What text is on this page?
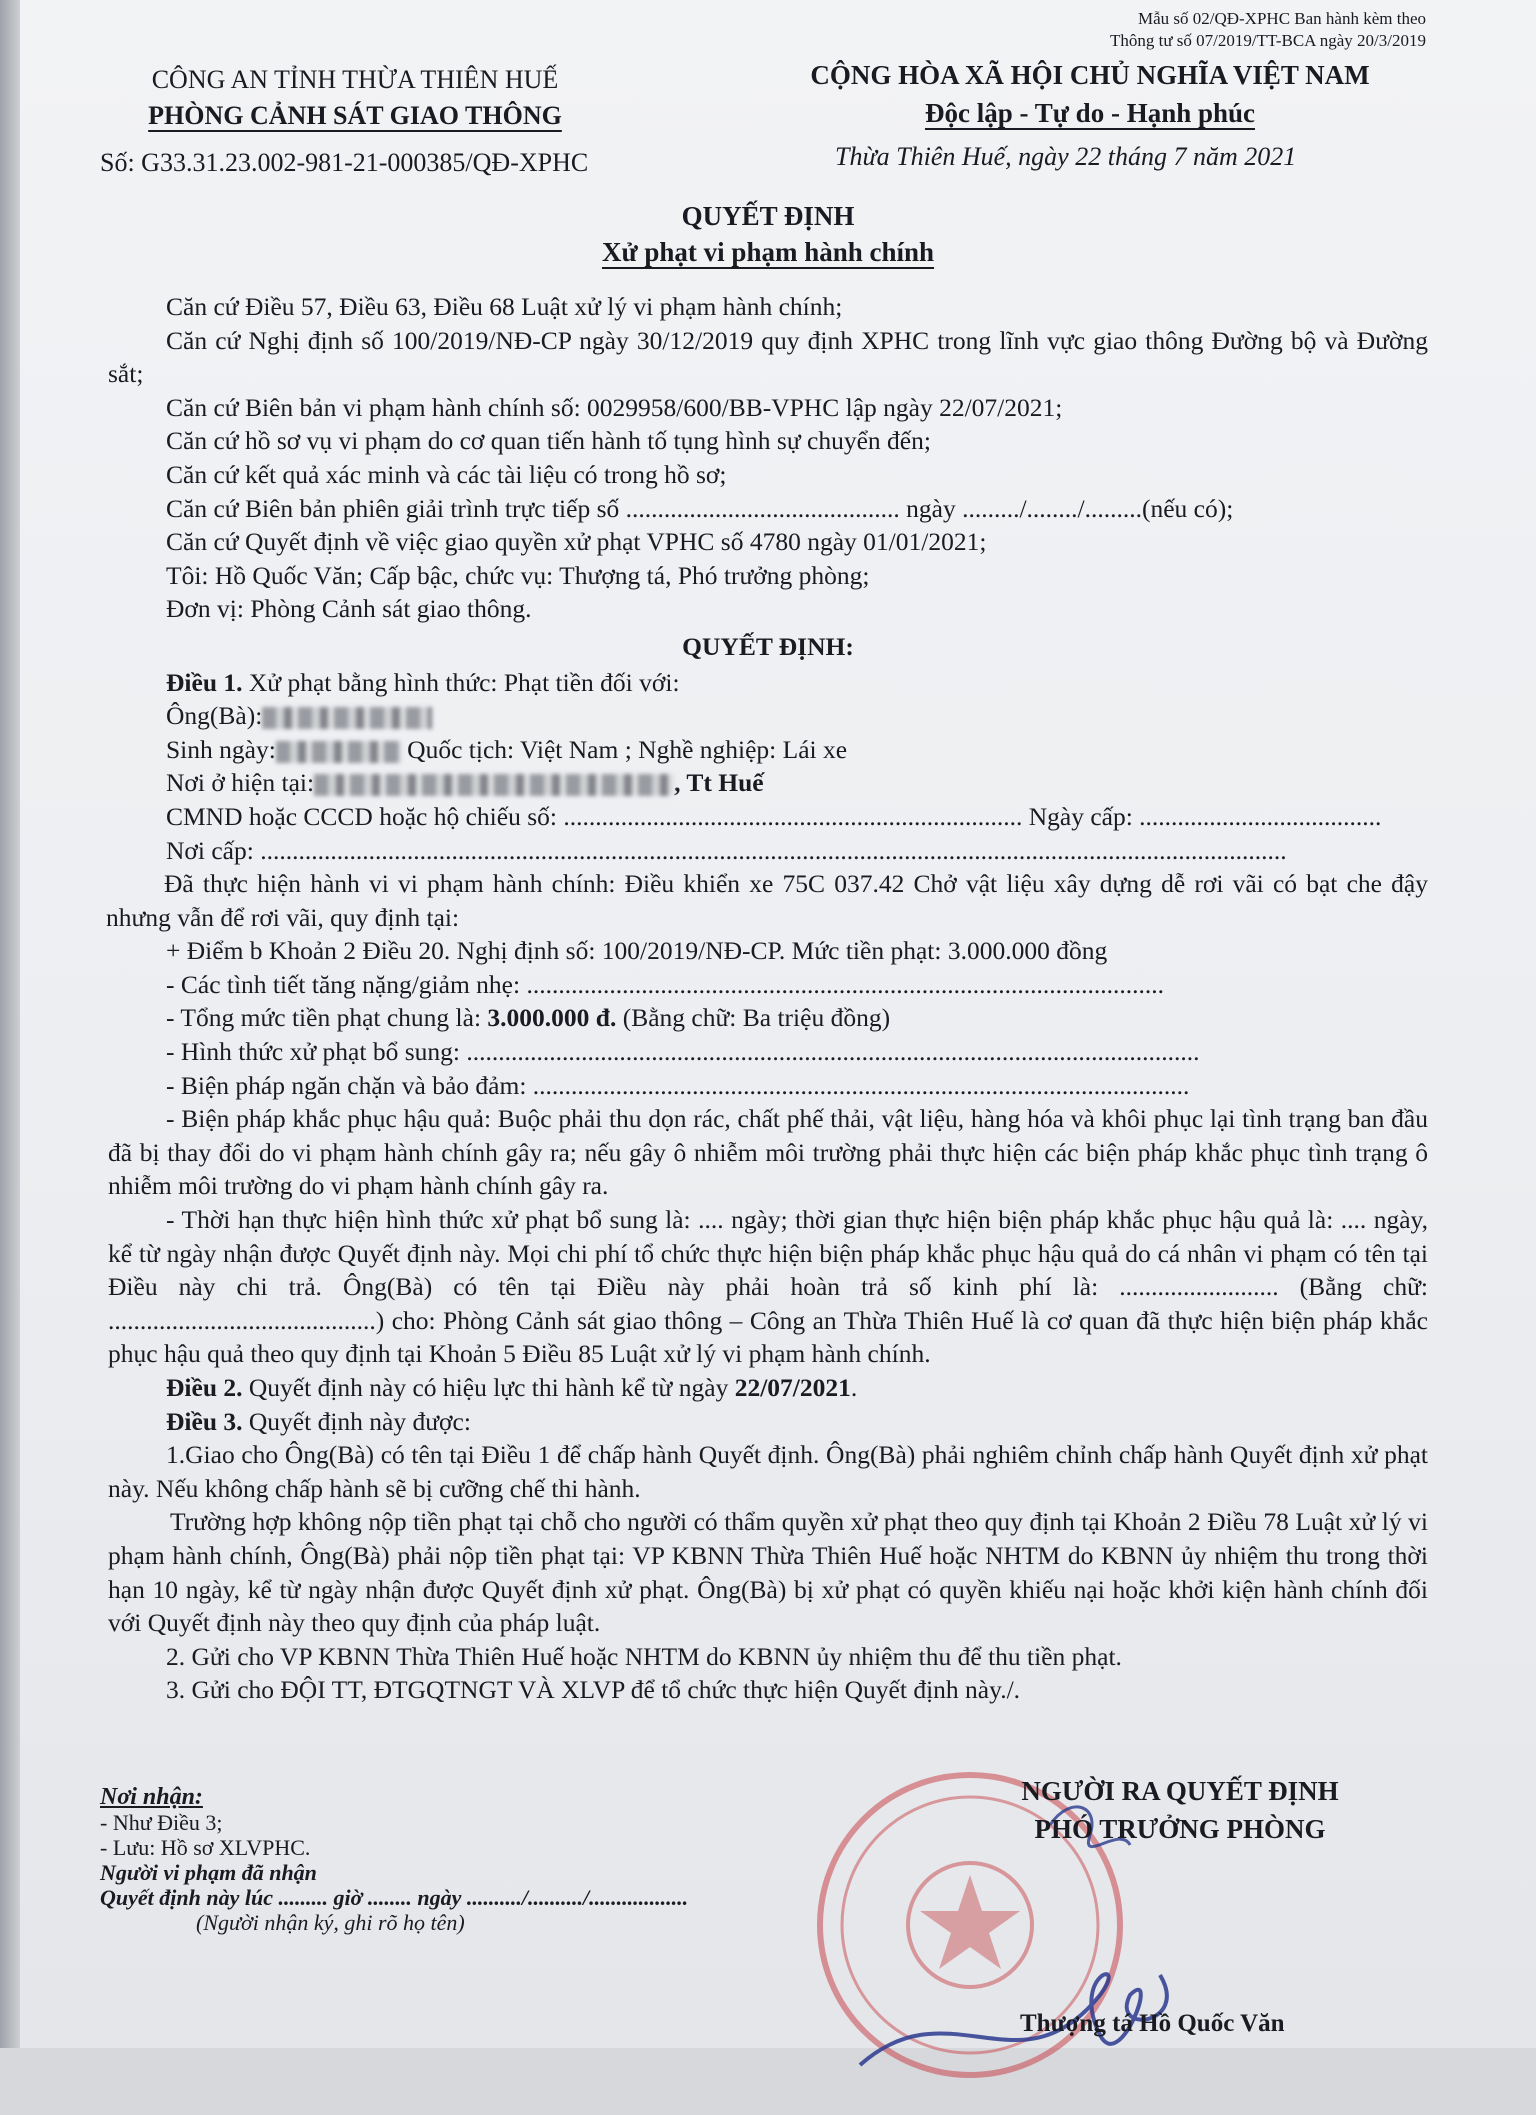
Mẫu số 02/QĐ-XPHC Ban hành kèm theo
Thông tư số 07/2019/TT-BCA ngày 20/3/2019
CÔNG AN TỈNH THỪA THIÊN HUẾ
PHÒNG CẢNH SÁT GIAO THÔNG
CỘNG HÒA XÃ HỘI CHỦ NGHĨA VIỆT NAM
Độc lập - Tự do - Hạnh phúc
Số: G33.31.23.002-981-21-000385/QĐ-XPHC	Thừa Thiên Huế, ngày 22 tháng 7 năm 2021
QUYẾT ĐỊNH
Xử phạt vi phạm hành chính

Căn cứ Điều 57, Điều 63, Điều 68 Luật xử lý vi phạm hành chính;

Căn cứ Nghị định số 100/2019/NĐ-CP ngày 30/12/2019 quy định XPHC trong lĩnh vực giao thông Đường bộ và Đường sắt;

Căn cứ Biên bản vi phạm hành chính số: 0029958/600/BB-VPHC lập ngày 22/07/2021;

Căn cứ hồ sơ vụ vi phạm do cơ quan tiến hành tố tụng hình sự chuyển đến;

Căn cứ kết quả xác minh và các tài liệu có trong hồ sơ;

Căn cứ Biên bản phiên giải trình trực tiếp số ........................................... ngày ........./......../.........(nếu có);

Căn cứ Quyết định về việc giao quyền xử phạt VPHC số 4780 ngày 01/01/2021;

Tôi: Hồ Quốc Văn; Cấp bậc, chức vụ: Thượng tá, Phó trưởng phòng;

Đơn vị: Phòng Cảnh sát giao thông.

QUYẾT ĐỊNH:

Điều 1. Xử phạt bằng hình thức: Phạt tiền đối với:

Ông(Bà):

Sinh ngày:	Quốc tịch: Việt Nam ; Nghề nghiệp: Lái xe

Nơi ở hiện tại:	, Tt Huế

CMND hoặc CCCD hoặc hộ chiếu số: ........................................................................ Ngày cấp: ......................................

Nơi cấp: .................................................................................................................................................................

Đã thực hiện hành vi vi phạm hành chính: Điều khiển xe 75C 037.42 Chở vật liệu xây dựng dễ rơi vãi có bạt che đậy nhưng vẫn để rơi vãi, quy định tại:

+ Điểm b Khoản 2 Điều 20. Nghị định số: 100/2019/NĐ-CP. Mức tiền phạt: 3.000.000 đồng

- Các tình tiết tăng nặng/giảm nhẹ: ....................................................................................................

- Tổng mức tiền phạt chung là: 3.000.000 đ. (Bằng chữ: Ba triệu đồng)

- Hình thức xử phạt bổ sung: ...................................................................................................................

- Biện pháp ngăn chặn và bảo đảm: .......................................................................................................

- Biện pháp khắc phục hậu quả: Buộc phải thu dọn rác, chất phế thải, vật liệu, hàng hóa và khôi phục lại tình trạng ban đầu đã bị thay đổi do vi phạm hành chính gây ra; nếu gây ô nhiễm môi trường phải thực hiện các biện pháp khắc phục tình trạng ô nhiễm môi trường do vi phạm hành chính gây ra.

- Thời hạn thực hiện hình thức xử phạt bổ sung là: .... ngày; thời gian thực hiện biện pháp khắc phục hậu quả là: .... ngày, kể từ ngày nhận được Quyết định này. Mọi chi phí tổ chức thực hiện biện pháp khắc phục hậu quả do cá nhân vi phạm có tên tại Điều này chi trả. Ông(Bà) có tên tại Điều này phải hoàn trả số kinh phí là: ......................... (Bằng chữ: ..........................................) cho: Phòng Cảnh sát giao thông – Công an Thừa Thiên Huế là cơ quan đã thực hiện biện pháp khắc phục hậu quả theo quy định tại Khoản 5 Điều 85 Luật xử lý vi phạm hành chính.

Điều 2. Quyết định này có hiệu lực thi hành kể từ ngày 22/07/2021.

Điều 3. Quyết định này được:

1.Giao cho Ông(Bà) có tên tại Điều 1 để chấp hành Quyết định. Ông(Bà) phải nghiêm chỉnh chấp hành Quyết định xử phạt này. Nếu không chấp hành sẽ bị cưỡng chế thi hành.

Trường hợp không nộp tiền phạt tại chỗ cho người có thẩm quyền xử phạt theo quy định tại Khoản 2 Điều 78 Luật xử lý vi phạm hành chính, Ông(Bà) phải nộp tiền phạt tại: VP KBNN Thừa Thiên Huế hoặc NHTM do KBNN ủy nhiệm thu trong thời hạn 10 ngày, kể từ ngày nhận được Quyết định xử phạt. Ông(Bà) bị xử phạt có quyền khiếu nại hoặc khởi kiện hành chính đối với Quyết định này theo quy định của pháp luật.

2. Gửi cho VP KBNN Thừa Thiên Huế hoặc NHTM do KBNN ủy nhiệm thu để thu tiền phạt.

3. Gửi cho ĐỘI TT, ĐTGQTNGT VÀ XLVP để tổ chức thực hiện Quyết định này./.

Nơi nhận:
- Như Điều 3;
- Lưu: Hồ sơ XLVPHC.
Người vi phạm đã nhận
Quyết định này lúc ......... giờ ........ ngày ........../........../..................
(Người nhận ký, ghi rõ họ tên)
NGƯỜI RA QUYẾT ĐỊNH
PHÓ TRƯỞNG PHÒNG
Thượng tá Hồ Quốc Văn
